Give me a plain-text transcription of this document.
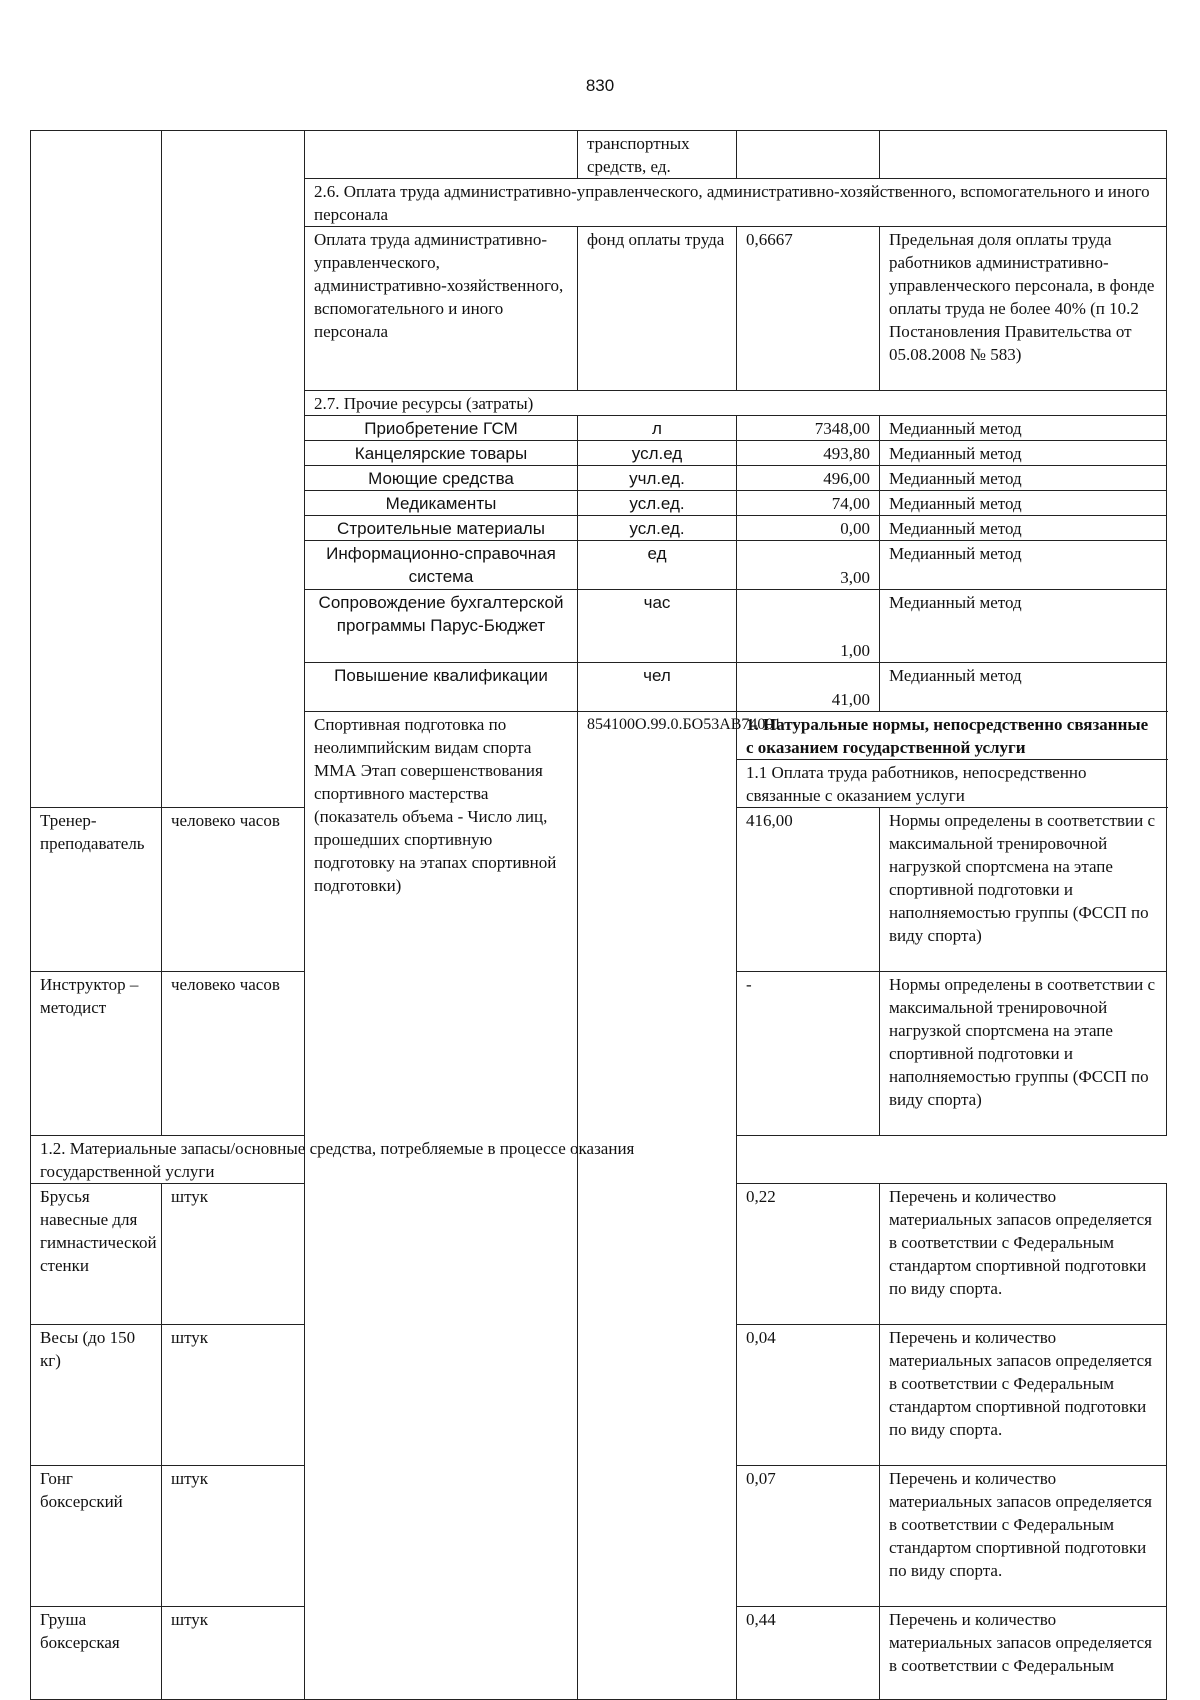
830
			транспортных средств, ед.		
		2.6. Оплата труда административно-управленческого, административно-хозяйственного, вспомогательного и иного персонала			
		Оплата труда административно-управленческого, административно-хозяйственного, вспомогательного и иного персонала	фонд оплаты труда	0,6667	Предельная доля оплаты труда работников административно-управленческого персонала, в фонде оплаты труда не более 40% (п 10.2 Постановления Правительства от 05.08.2008 № 583)
		2.7. Прочие ресурсы (затраты)			
		Приобретение ГСМ	л	7348,00	Медианный метод
		Канцелярские товары	усл.ед	493,80	Медианный метод
		Моющие средства	учл.ед.	496,00	Медианный метод
		Медикаменты	усл.ед.	74,00	Медианный метод
		Строительные материалы	усл.ед.	0,00	Медианный метод
		Информационно-справочная система	ед	3,00	Медианный метод
		Сопровождение бухгалтерской программы Парус-Бюджет	час	1,00	Медианный метод
		Повышение квалификации	чел	41,00	Медианный метод
		Спортивная подготовка по неолимпийским видам спорта ММА Этап совершенствования спортивного мастерства (показатель объема - Число лиц, прошедших спортивную подготовку на этапах спортивной подготовки)	854100О.99.0.БО53АВ74001	1. Натуральные нормы, непосредственно связанные с оказанием государственной услуги	
				1.1 Оплата труда работников, непосредственно связанные с оказанием услуги	
Тренер-преподаватель	человеко часов			416,00	Нормы определены в соответствии с максимальной тренировочной нагрузкой спортсмена на этапе спортивной подготовки и наполняемостью группы (ФССП по виду спорта)
Инструктор – методист	человеко часов			-	Нормы определены в соответствии с максимальной тренировочной нагрузкой спортсмена на этапе спортивной подготовки и наполняемостью группы (ФССП по виду спорта)
1.2. Материальные запасы/основные средства, потребляемые в процессе оказания государственной услуги					
Брусья навесные для гимнастической стенки	штук			0,22	Перечень и количество материальных запасов определяется в соответствии с Федеральным стандартом спортивной подготовки по виду спорта.
Весы (до 150 кг)	штук			0,04	Перечень и количество материальных запасов определяется в соответствии с Федеральным стандартом спортивной подготовки по виду спорта.
Гонг боксерский	штук			0,07	Перечень и количество материальных запасов определяется в соответствии с Федеральным стандартом спортивной подготовки по виду спорта.
Груша боксерская	штук			0,44	Перечень и количество материальных запасов определяется в соответствии с Федеральным
